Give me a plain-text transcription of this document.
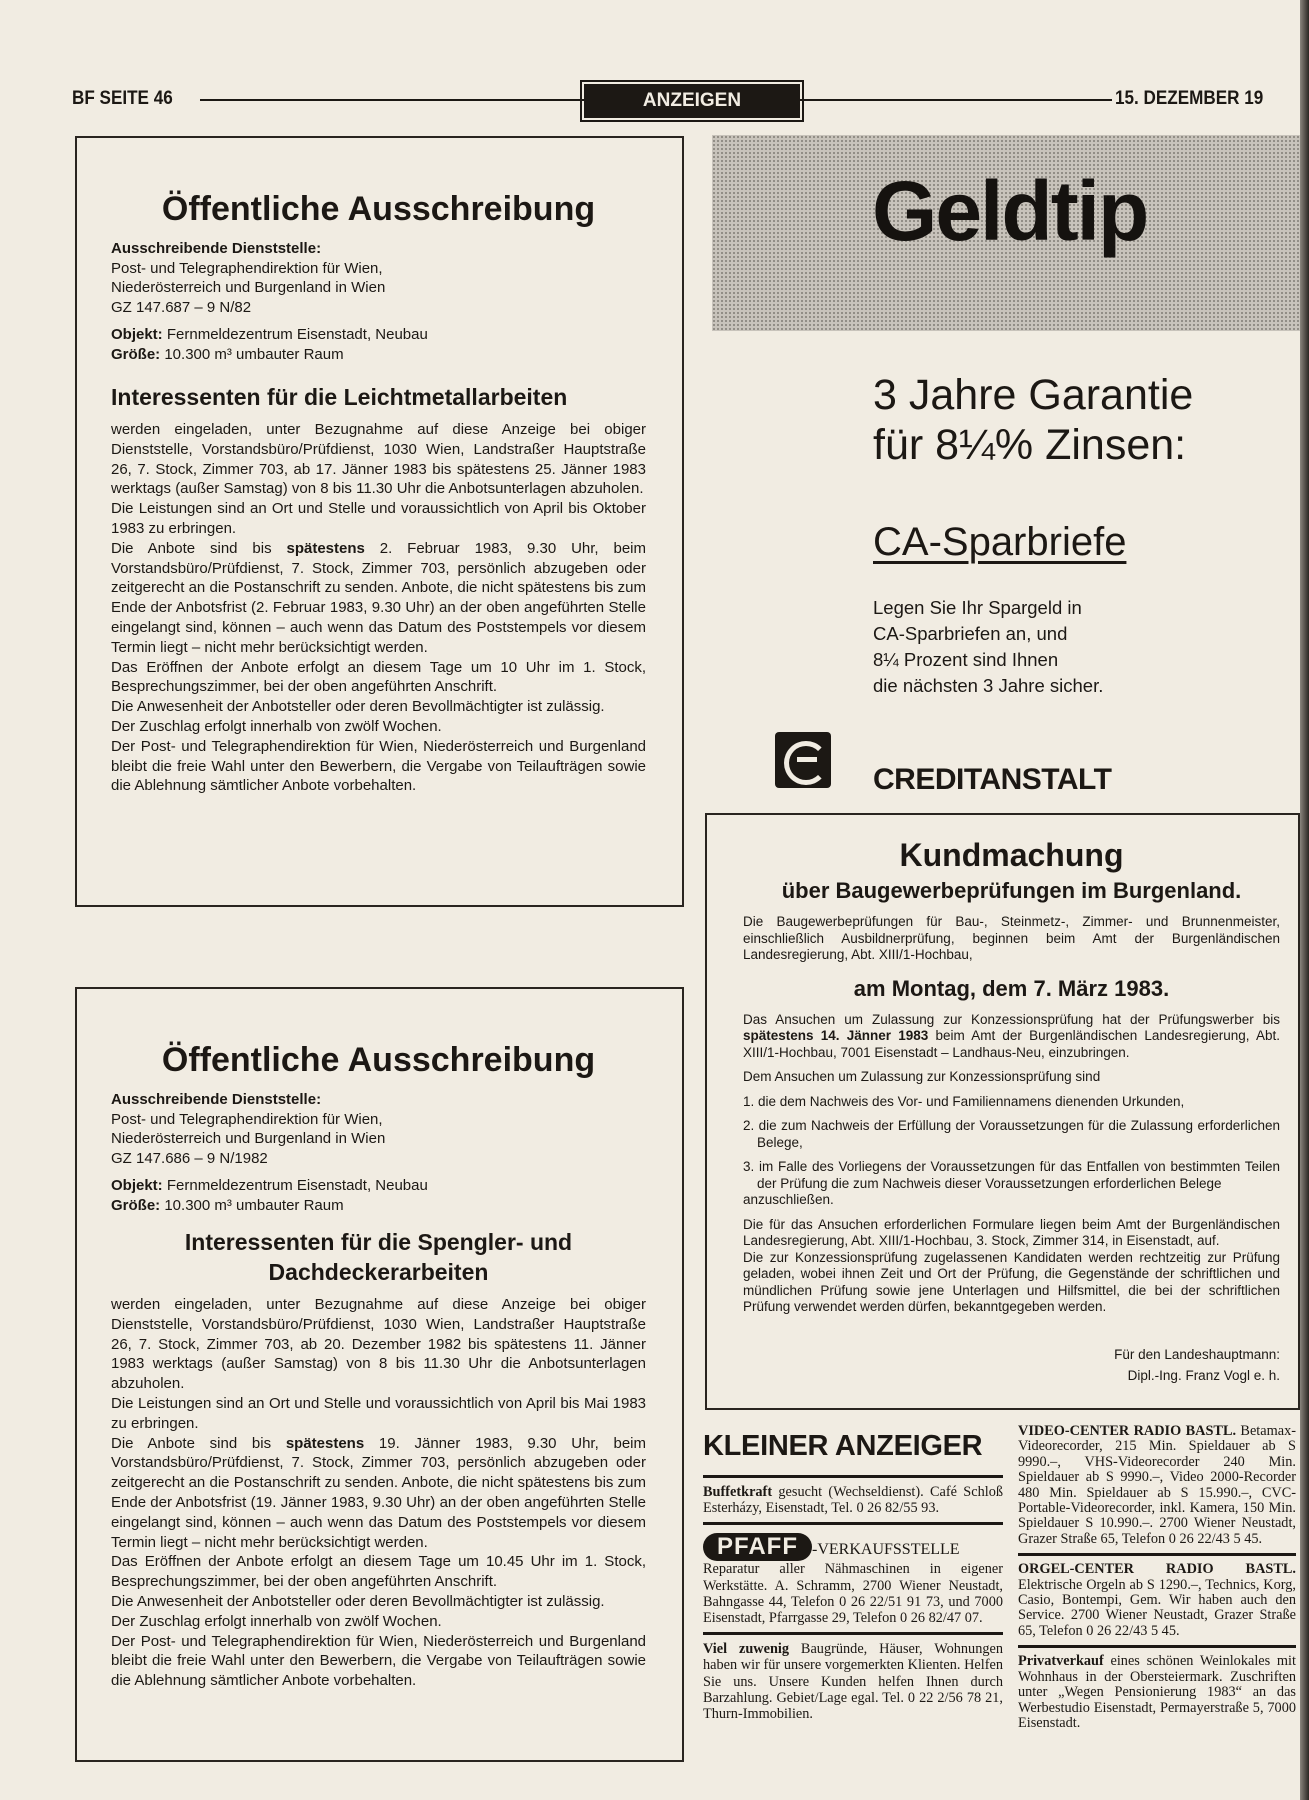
BF SEITE 46	ANZEIGEN	15. DEZEMBER 19
Öffentliche Ausschreibung
Ausschreibende Dienststelle:
Post- und Telegraphendirektion für Wien,
Niederösterreich und Burgenland in Wien
GZ 147.687 – 9 N/82
Objekt: Fernmeldezentrum Eisenstadt, Neubau
Größe: 10.300 m³ umbauter Raum
Interessenten für die Leichtmetallarbeiten

werden eingeladen, unter Bezugnahme auf diese Anzeige bei obiger Dienststelle, Vorstandsbüro/Prüfdienst, 1030 Wien, Landstraßer Hauptstraße 26, 7. Stock, Zimmer 703, ab 17. Jänner 1983 bis spätestens 25. Jänner 1983 werktags (außer Samstag) von 8 bis 11.30 Uhr die Anbotsunterlagen abzuholen.

Die Leistungen sind an Ort und Stelle und voraussichtlich von April bis Oktober 1983 zu erbringen.

Die Anbote sind bis spätestens 2. Februar 1983, 9.30 Uhr, beim Vorstandsbüro/Prüfdienst, 7. Stock, Zimmer 703, persönlich abzugeben oder zeitgerecht an die Postanschrift zu senden. Anbote, die nicht spätestens bis zum Ende der Anbotsfrist (2. Februar 1983, 9.30 Uhr) an der oben angeführten Stelle eingelangt sind, können – auch wenn das Datum des Poststempels vor diesem Termin liegt – nicht mehr berücksichtigt werden.

Das Eröffnen der Anbote erfolgt an diesem Tage um 10 Uhr im 1. Stock, Besprechungszimmer, bei der oben angeführten Anschrift.

Die Anwesenheit der Anbotsteller oder deren Bevollmächtigter ist zulässig.

Der Zuschlag erfolgt innerhalb von zwölf Wochen.

Der Post- und Telegraphendirektion für Wien, Niederösterreich und Burgenland bleibt die freie Wahl unter den Bewerbern, die Vergabe von Teilaufträgen sowie die Ablehnung sämtlicher Anbote vorbehalten.

Öffentliche Ausschreibung
Ausschreibende Dienststelle:
Post- und Telegraphendirektion für Wien,
Niederösterreich und Burgenland in Wien
GZ 147.686 – 9 N/1982
Objekt: Fernmeldezentrum Eisenstadt, Neubau
Größe: 10.300 m³ umbauter Raum
Interessenten für die Spengler- und Dachdeckerarbeiten

werden eingeladen, unter Bezugnahme auf diese Anzeige bei obiger Dienststelle, Vorstandsbüro/Prüfdienst, 1030 Wien, Landstraßer Hauptstraße 26, 7. Stock, Zimmer 703, ab 20. Dezember 1982 bis spätestens 11. Jänner 1983 werktags (außer Samstag) von 8 bis 11.30 Uhr die Anbotsunterlagen abzuholen.

Die Leistungen sind an Ort und Stelle und voraussichtlich von April bis Mai 1983 zu erbringen.

Die Anbote sind bis spätestens 19. Jänner 1983, 9.30 Uhr, beim Vorstandsbüro/Prüfdienst, 7. Stock, Zimmer 703, persönlich abzugeben oder zeitgerecht an die Postanschrift zu senden. Anbote, die nicht spätestens bis zum Ende der Anbotsfrist (19. Jänner 1983, 9.30 Uhr) an der oben angeführten Stelle eingelangt sind, können – auch wenn das Datum des Poststempels vor diesem Termin liegt – nicht mehr berücksichtigt werden.

Das Eröffnen der Anbote erfolgt an diesem Tage um 10.45 Uhr im 1. Stock, Besprechungszimmer, bei der oben angeführten Anschrift.

Die Anwesenheit der Anbotsteller oder deren Bevollmächtigter ist zulässig.

Der Zuschlag erfolgt innerhalb von zwölf Wochen.

Der Post- und Telegraphendirektion für Wien, Niederösterreich und Burgenland bleibt die freie Wahl unter den Bewerbern, die Vergabe von Teilaufträgen sowie die Ablehnung sämtlicher Anbote vorbehalten.

Geldtip
3 Jahre Garantie
für 8¼% Zinsen:
CA-Sparbriefe
Legen Sie Ihr Spargeld in
CA-Sparbriefen an, und
8¼ Prozent sind Ihnen
die nächsten 3 Jahre sicher.
CREDITANSTALT
Kundmachung
über Baugewerbeprüfungen im Burgenland.

Die Baugewerbeprüfungen für Bau-, Steinmetz-, Zimmer- und Brunnenmeister, einschließlich Ausbildnerprüfung, beginnen beim Amt der Burgenländischen Landesregierung, Abt. XIII/1-Hochbau,

am Montag, dem 7. März 1983.

Das Ansuchen um Zulassung zur Konzessionsprüfung hat der Prüfungswerber bis spätestens 14. Jänner 1983 beim Amt der Burgenländischen Landesregierung, Abt. XIII/1-Hochbau, 7001 Eisenstadt – Landhaus-Neu, einzubringen.

Dem Ansuchen um Zulassung zur Konzessionsprüfung sind

1. die dem Nachweis des Vor- und Familiennamens dienenden Urkunden,

2. die zum Nachweis der Erfüllung der Voraussetzungen für die Zulassung erforderlichen Belege,

3. im Falle des Vorliegens der Voraussetzungen für das Entfallen von bestimmten Teilen der Prüfung die zum Nachweis dieser Voraussetzungen erforderlichen Belege

anzuschließen.

Die für das Ansuchen erforderlichen Formulare liegen beim Amt der Burgenländischen Landesregierung, Abt. XIII/1-Hochbau, 3. Stock, Zimmer 314, in Eisenstadt, auf.

Die zur Konzessionsprüfung zugelassenen Kandidaten werden rechtzeitig zur Prüfung geladen, wobei ihnen Zeit und Ort der Prüfung, die Gegenstände der schriftlichen und mündlichen Prüfung sowie jene Unterlagen und Hilfsmittel, die bei der schriftlichen Prüfung verwendet werden dürfen, bekanntgegeben werden.

Für den Landeshauptmann:
Dipl.-Ing. Franz Vogl e. h.
KLEINER ANZEIGER
Buffetkraft gesucht (Wechseldienst). Café Schloß Esterházy, Eisenstadt, Tel. 0 26 82/55 93.
PFAFF -VERKAUFSSTELLE
Reparatur aller Nähmaschinen in eigener Werkstätte. A. Schramm, 2700 Wiener Neustadt, Bahngasse 44, Telefon 0 26 22/51 91 73, und 7000 Eisenstadt, Pfarrgasse 29, Telefon 0 26 82/47 07.
Viel zuwenig Baugründe, Häuser, Wohnungen haben wir für unsere vorgemerkten Klienten. Helfen Sie uns. Unsere Kunden helfen Ihnen durch Barzahlung. Gebiet/Lage egal. Tel. 0 22 2/56 78 21, Thurn-Immobilien.
VIDEO-CENTER RADIO BASTL. Betamax-Videorecorder, 215 Min. Spieldauer ab S 9990.–, VHS-Videorecorder 240 Min. Spieldauer ab S 9990.–, Video 2000-Recorder 480 Min. Spieldauer ab S 15.990.–, CVC-Portable-Videorecorder, inkl. Kamera, 150 Min. Spieldauer S 10.990.–. 2700 Wiener Neustadt, Grazer Straße 65, Telefon 0 26 22/43 5 45.
ORGEL-CENTER RADIO BASTL. Elektrische Orgeln ab S 1290.–, Technics, Korg, Casio, Bontempi, Gem. Wir haben auch den Service. 2700 Wiener Neustadt, Grazer Straße 65, Telefon 0 26 22/43 5 45.
Privatverkauf eines schönen Weinlokales mit Wohnhaus in der Obersteiermark. Zuschriften unter „Wegen Pensionierung 1983“ an das Werbestudio Eisenstadt, Permayerstraße 5, 7000 Eisenstadt.
